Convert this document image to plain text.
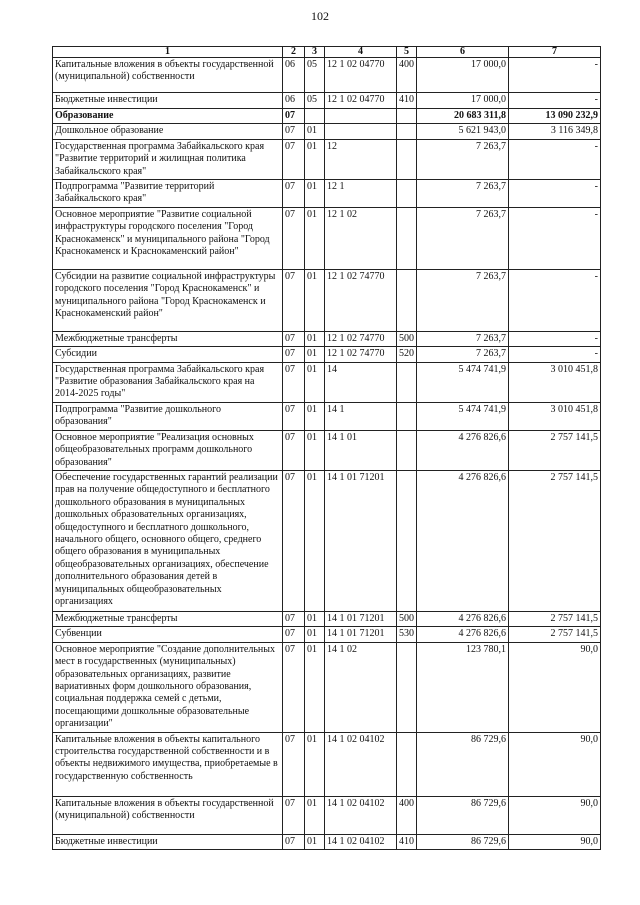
102
1	2	3	4	5	6	7
Капитальные вложения в объекты государственной (муниципальной) собственности	06	05	12 1 02 04770	400	17 000,0	-
Бюджетные инвестиции	06	05	12 1 02 04770	410	17 000,0	-
Образование	07				20 683 311,8	13 090 232,9
Дошкольное образование	07	01			5 621 943,0	3 116 349,8
Государственная программа Забайкальского края "Развитие территорий и жилищная политика Забайкальского края"	07	01	12		7 263,7	-
Подпрограмма "Развитие территорий Забайкальского края"	07	01	12 1		7 263,7	-
Основное мероприятие "Развитие социальной инфраструктуры городского поселения "Город Краснокаменск" и муниципального района "Город Краснокаменск и Краснокаменский район"	07	01	12 1 02		7 263,7	-
Субсидии на развитие социальной инфраструктуры городского поселения "Город Краснокаменск" и муниципального района "Город Краснокаменск и Краснокаменский район"	07	01	12 1 02 74770		7 263,7	-
Межбюджетные трансферты	07	01	12 1 02 74770	500	7 263,7	-
Субсидии	07	01	12 1 02 74770	520	7 263,7	-
Государственная программа Забайкальского края "Развитие образования Забайкальского края на 2014-2025 годы"	07	01	14		5 474 741,9	3 010 451,8
Подпрограмма "Развитие дошкольного образования"	07	01	14 1		5 474 741,9	3 010 451,8
Основное мероприятие "Реализация основных общеобразовательных программ дошкольного образования"	07	01	14 1 01		4 276 826,6	2 757 141,5
Обеспечение государственных гарантий реализации прав на получение общедоступного и бесплатного дошкольного образования в муниципальных дошкольных образовательных организациях, общедоступного и бесплатного дошкольного, начального общего, основного общего, среднего общего образования в муниципальных общеобразовательных организациях, обеспечение дополнительного образования детей в муниципальных общеобразовательных организациях	07	01	14 1 01 71201		4 276 826,6	2 757 141,5
Межбюджетные трансферты	07	01	14 1 01 71201	500	4 276 826,6	2 757 141,5
Субвенции	07	01	14 1 01 71201	530	4 276 826,6	2 757 141,5
Основное мероприятие "Создание дополнительных мест в государственных (муниципальных) образовательных организациях, развитие вариативных форм дошкольного образования, социальная поддержка семей с детьми, посещающими дошкольные образовательные организации"	07	01	14 1 02		123 780,1	90,0
Капитальные вложения в объекты капитального строительства государственной собственности и в объекты недвижимого имущества, приобретаемые в государственную собственность	07	01	14 1 02 04102		86 729,6	90,0
Капитальные вложения в объекты государственной (муниципальной) собственности	07	01	14 1 02 04102	400	86 729,6	90,0
Бюджетные инвестиции	07	01	14 1 02 04102	410	86 729,6	90,0
